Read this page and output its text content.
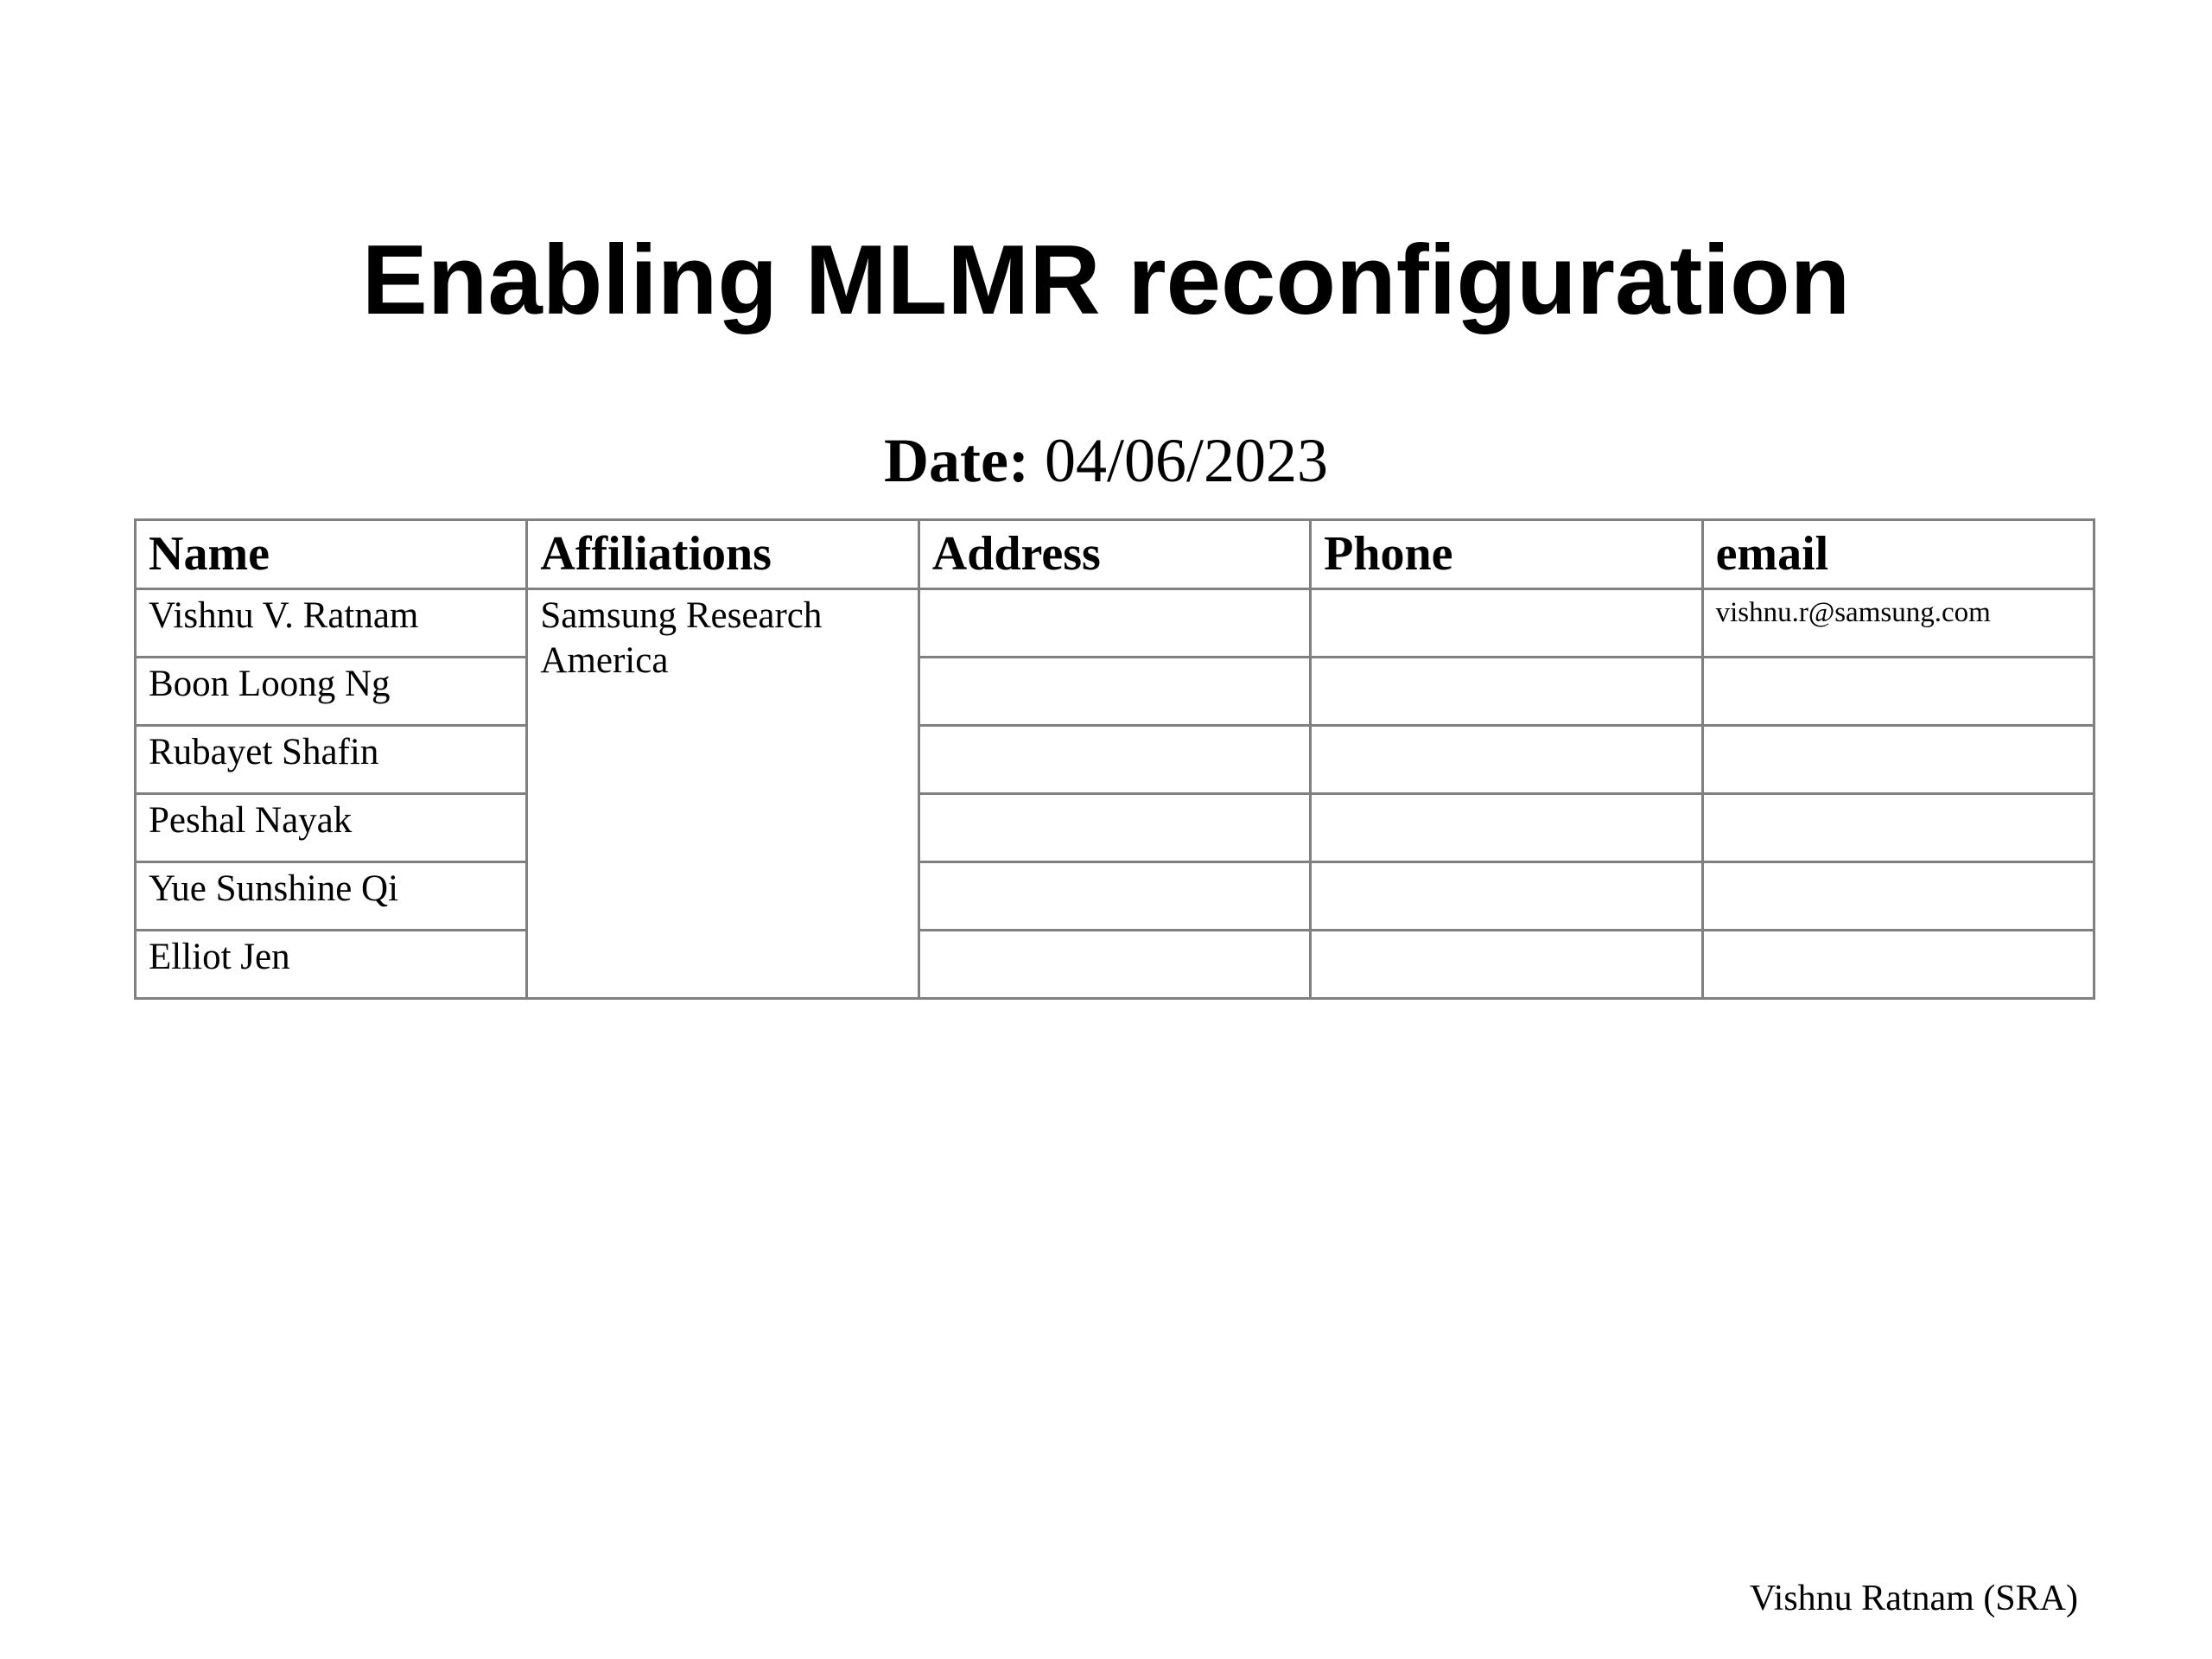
Enabling MLMR reconfiguration
Date: 04/06/2023
Name	Affiliations	Address	Phone	email
Vishnu V. Ratnam	Samsung Research America			vishnu.r@samsung.com
Boon Loong Ng				
Rubayet Shafin				
Peshal Nayak				
Yue Sunshine Qi				
Elliot Jen				
Vishnu Ratnam (SRA)
